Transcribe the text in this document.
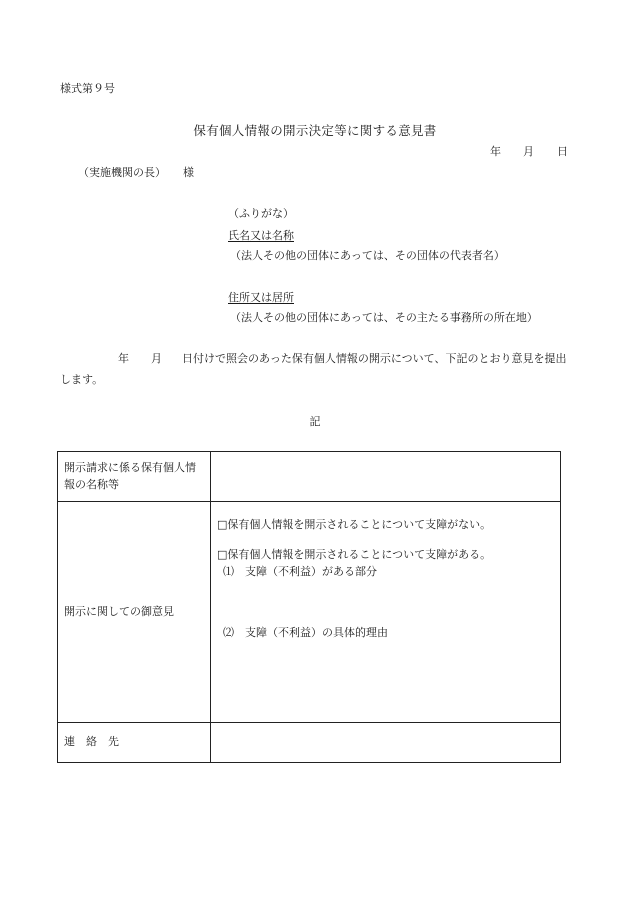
様式第９号
保有個人情報の開示決定等に関する意見書
年 月 日
（実施機関の長） 様
（ふりがな）
氏名又は名称
（法人その他の団体にあっては、その団体の代表者名）
住所又は居所
（法人その他の団体にあっては、その主たる事務所の所在地）
年 月 日付けで照会のあった保有個人情報の開示について、下記のとおり意見を提出
します。
記
開示請求に係る保有個人情報の名称等	

開示に関しての御意見	□保有個人情報を開示されることについて支障がない。
□保有個人情報を開示されることについて支障がある。
⑴　支障（不利益）がある部分
⑵　支障（不利益）の具体的理由

連　絡　先	
